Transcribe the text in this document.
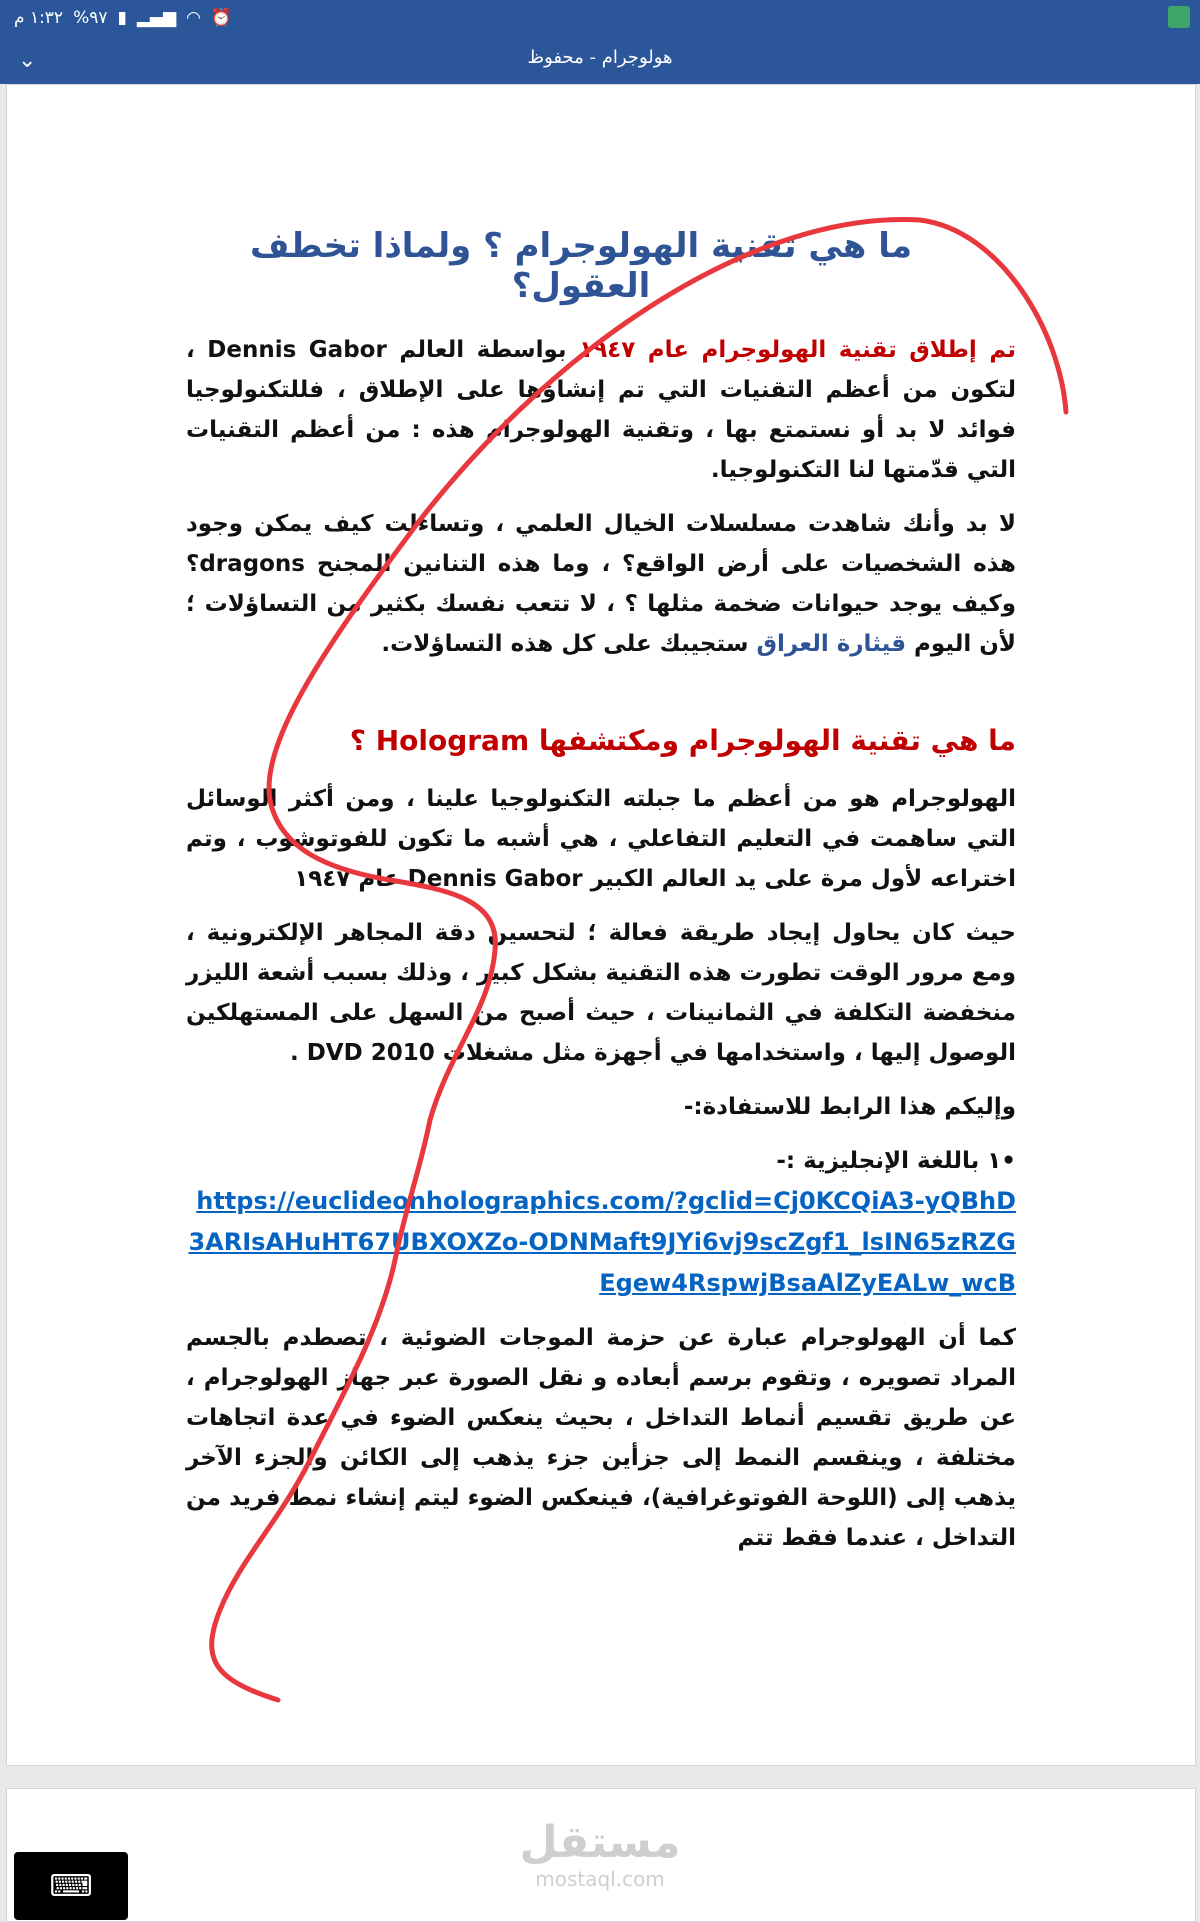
١:٣٢ م %٩٧ ▮ ▂▄▆ ◠ ⏰
⌄	هولوجرام - محفوظ
ما هي تقنية الهولوجرام ؟ ولماذا تخطف العقول؟

تم إطلاق تقنية الهولوجرام عام ١٩٤٧ بواسطة العالم Dennis Gabor ، لتكون من أعظم التقنيات التي تم إنشاؤها على الإطلاق ، فللتكنولوجيا فوائد لا بد أو نستمتع بها ، وتقنية الهولوجرام هذه : من أعظم التقنيات التي قدّمتها لنا التكنولوجيا.

لا بد وأنك شاهدت مسلسلات الخيال العلمي ، وتساءلت كيف يمكن وجود هذه الشخصيات على أرض الواقع؟ ، وما هذه التنانين المجنح dragons؟ وكيف يوجد حيوانات ضخمة مثلها ؟ ، لا تتعب نفسك بكثير من التساؤلات ؛ لأن اليوم قيثارة العراق ستجيبك على كل هذه التساؤلات.

ما هي تقنية الهولوجرام ومكتشفها Hologram ؟

الهولوجرام هو من أعظم ما جبلته التكنولوجيا علينا ، ومن أكثر الوسائل التي ساهمت في التعليم التفاعلي ، هي أشبه ما تكون للفوتوشوب ، وتم اختراعه لأول مرة على يد العالم الكبير Dennis Gabor عام ١٩٤٧

حيث كان يحاول إيجاد طريقة فعالة ؛ لتحسين دقة المجاهر الإلكترونية ، ومع مرور الوقت تطورت هذه التقنية بشكل كبير ، وذلك بسبب أشعة الليزر منخفضة التكلفة في الثمانينات ، حيث أصبح من السهل على المستهلكين الوصول إليها ، واستخدامها في أجهزة مثل مشغلات DVD 2010 .

وإليكم هذا الرابط للاستفادة:-

•١ باللغة الإنجليزية :-

https://euclideonholographics.com/?gclid=Cj0KCQiA3-yQBhD3ARIsAHuHT67UBXOXZo-ODNMaft9JYi6vj9scZgf1_lsIN65zRZGEgew4RspwjBsaAlZyEALw_wcB

كما أن الهولوجرام عبارة عن حزمة الموجات الضوئية ، تصطدم بالجسم المراد تصويره ، وتقوم برسم أبعاده و نقل الصورة عبر جهاز الهولوجرام ، عن طريق تقسيم أنماط التداخل ، بحيث ينعكس الضوء في عدة اتجاهات مختلفة ، وينقسم النمط إلى جزأين جزء يذهب إلى الكائن والجزء الآخر يذهب إلى (اللوحة الفوتوغرافية)، فينعكس الضوء ليتم إنشاء نمط فريد من التداخل ، عندما فقط تتم

مستقل
mostaql.com
⌨
